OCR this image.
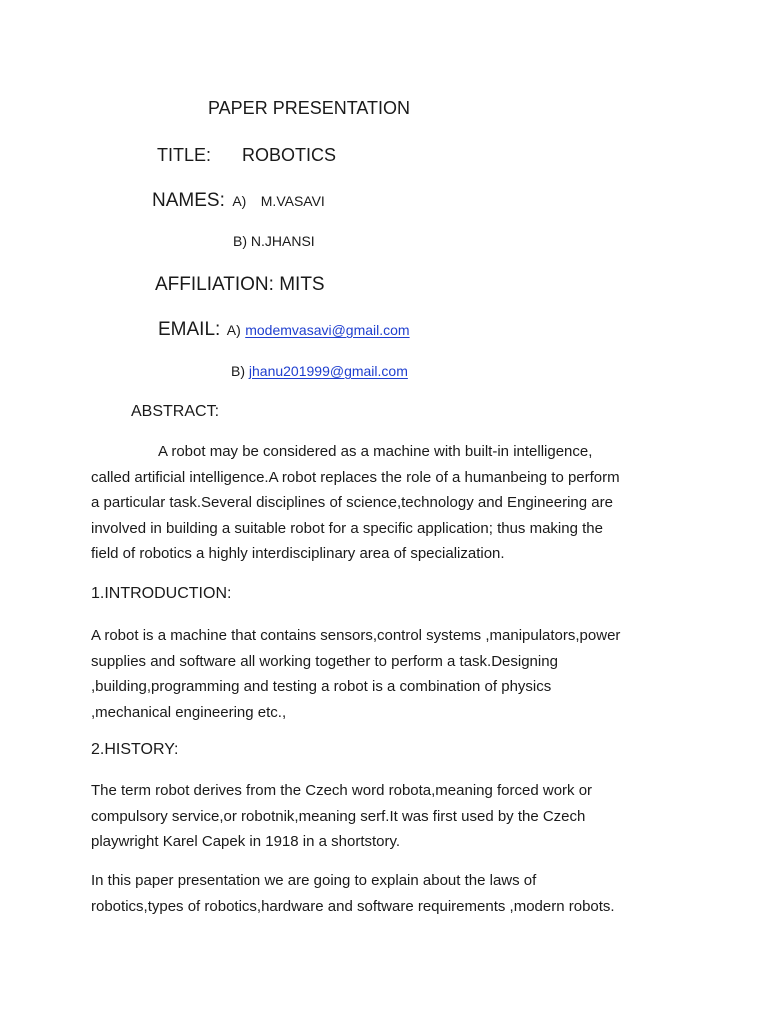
PAPER PRESENTATION
TITLE: ROBOTICS
NAMES: A) M.VASAVI
B) N.JHANSI
AFFILIATION: MITS
EMAIL: A) modemvasavi@gmail.com
B) jhanu201999@gmail.com
ABSTRACT:
A robot may be considered as a machine with built-in intelligence,
called artificial intelligence.A robot replaces the role of a humanbeing to perform
a particular task.Several disciplines of science,technology and Engineering are
involved in building a suitable robot for a specific application; thus making the
field of robotics a highly interdisciplinary area of specialization.
1.INTRODUCTION:
A robot is a machine that contains sensors,control systems ,manipulators,power
supplies and software all working together to perform a task.Designing
,building,programming and testing a robot is a combination of physics
,mechanical engineering etc.,
2.HISTORY:
The term robot derives from the Czech word robota,meaning forced work or
compulsory service,or robotnik,meaning serf.It was first used by the Czech
playwright Karel Capek in 1918 in a shortstory.
In this paper presentation we are going to explain about the laws of
robotics,types of robotics,hardware and software requirements ,modern robots.
